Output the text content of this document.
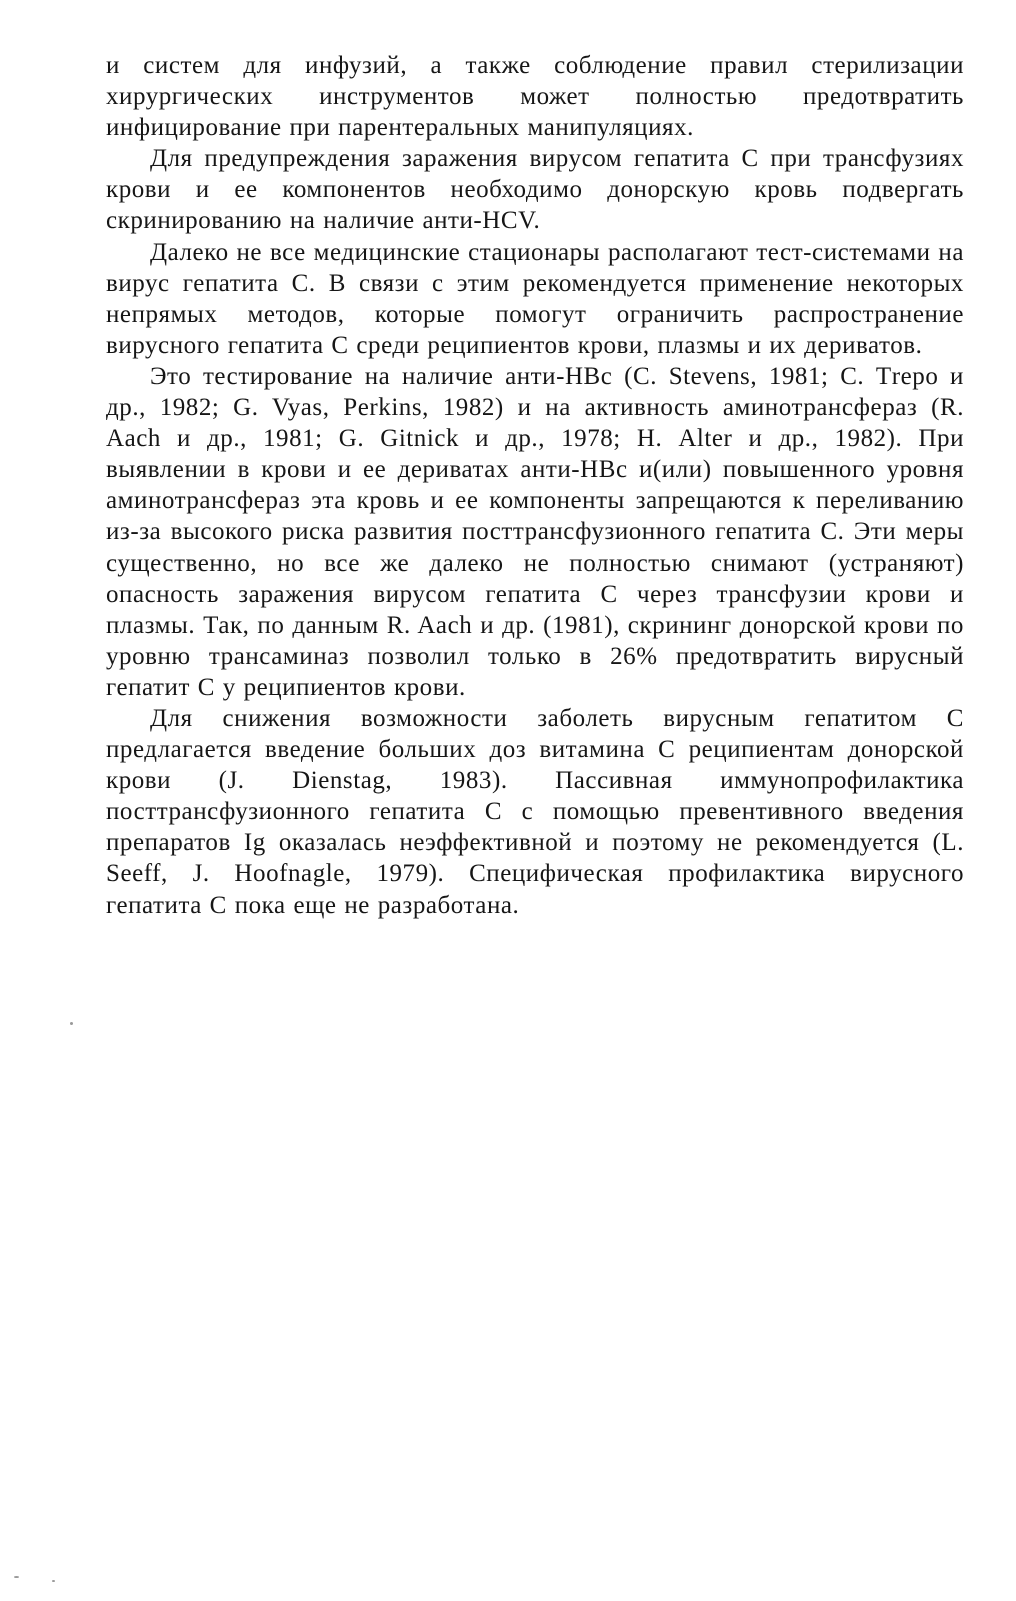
и систем для инфузий, а также соблюдение правил стерилизации хирургических инструментов может полностью предотвратить инфицирование при парентеральных манипуляциях.

Для предупреждения заражения вирусом гепатита С при трансфузиях крови и ее компонентов необходимо донорскую кровь подвергать скринированию на наличие анти-HCV.

Далеко не все медицинские стационары располагают тест-системами на вирус гепатита С. В связи с этим рекомендуется применение некоторых непрямых методов, которые помогут ограничить распространение вирусного гепатита С среди реципиентов крови, плазмы и их дериватов.

Это тестирование на наличие анти-НВс (С. Stevens, 1981; С. Тrеро и др., 1982; G. Vyas, Perkins, 1982) и на активность аминотрансфераз (R. Aach и др., 1981; G. Gitnick и др., 1978; Н. Alter и др., 1982). При выявлении в крови и ее дериватах анти-НВс и(или) повышенного уровня аминотрансфераз эта кровь и ее компоненты запрещаются к переливанию из-за высокого риска развития посттрансфузионного гепатита С. Эти меры существенно, но все же далеко не полностью снимают (устраняют) опасность заражения вирусом гепатита С через трансфузии крови и плазмы. Так, по данным R. Aach и др. (1981), скрининг донорской крови по уровню трансаминаз позволил только в 26% предотвратить вирусный гепатит С у реципиентов крови.

Для снижения возможности заболеть вирусным гепатитом С предлагается введение больших доз витамина С реципиентам донорской крови (J. Dienstag, 1983). Пассивная иммунопрофилактика посттрансфузионного гепатита С с помощью превентивного введения препаратов Ig оказалась неэффективной и поэтому не рекомендуется (L. Seeff, J. Hoofnagle, 1979). Специфическая профилактика вирусного гепатита С пока еще не разработана.
